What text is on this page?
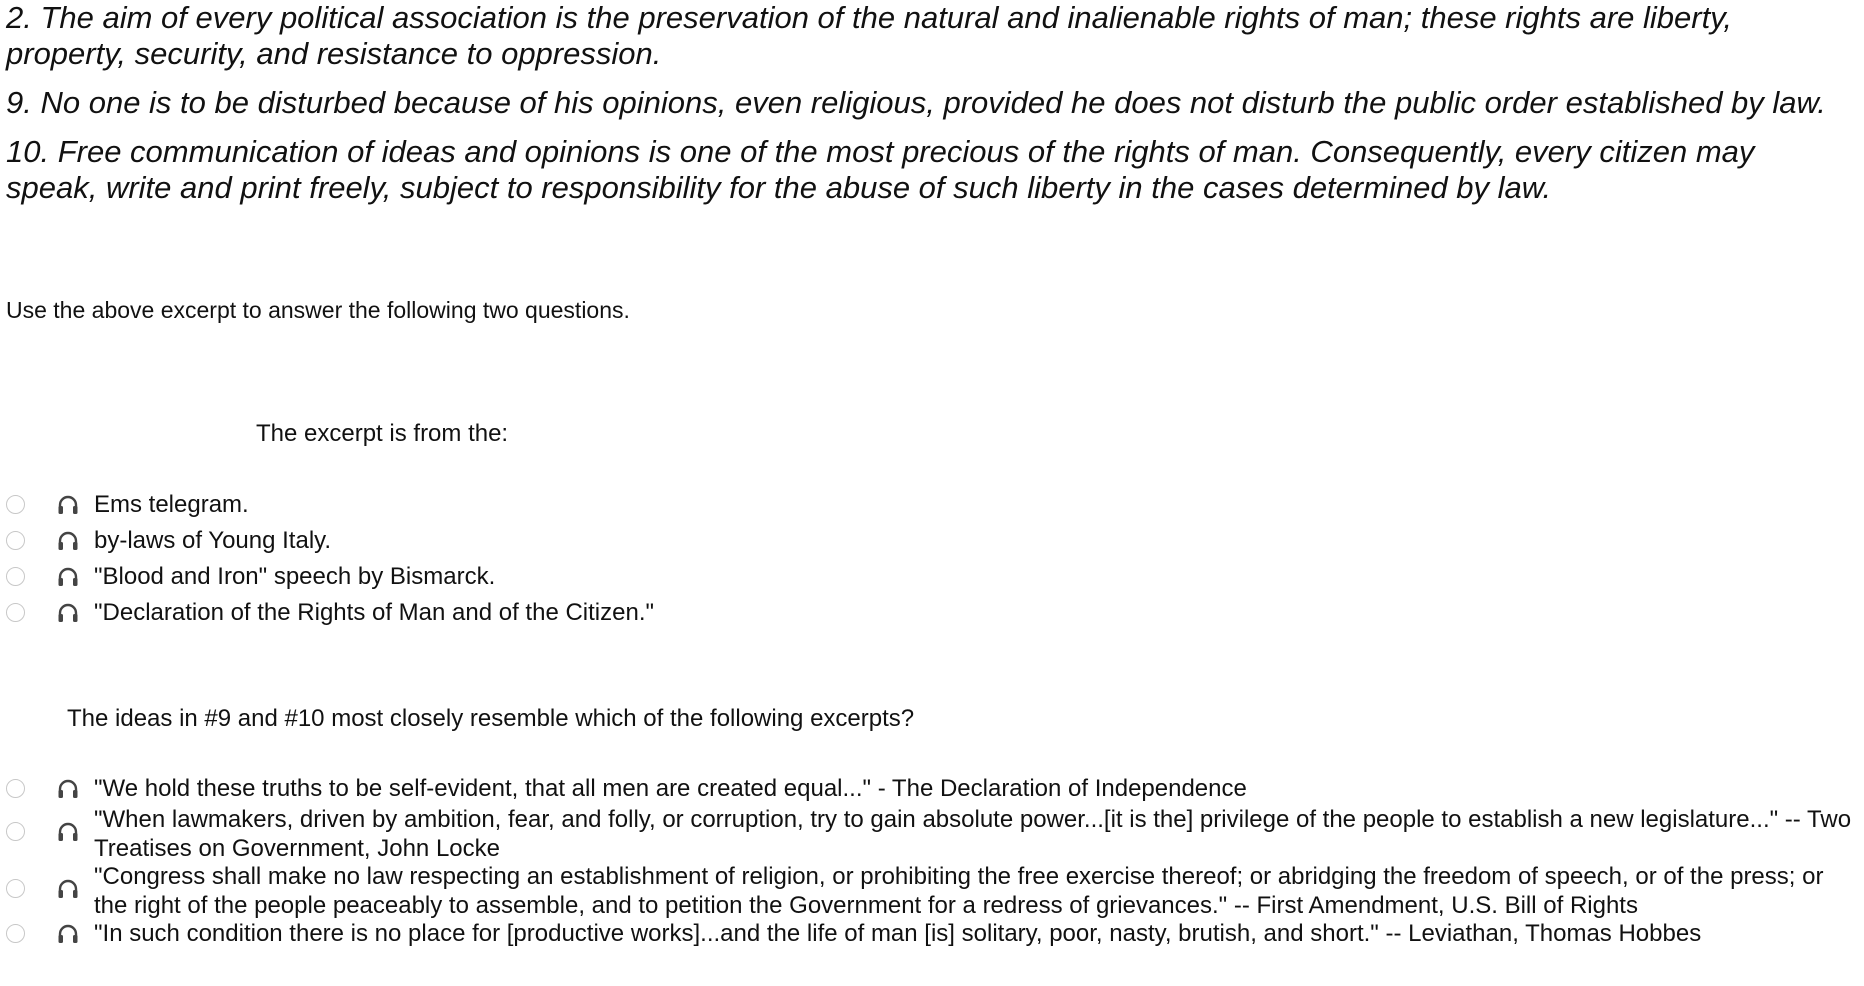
2. The aim of every political association is the preservation of the natural and inalienable rights of man; these rights are liberty, property, security, and resistance to oppression.

9. No one is to be disturbed because of his opinions, even religious, provided he does not disturb the public order established by law.

10. Free communication of ideas and opinions is one of the most precious of the rights of man. Consequently, every citizen may speak, write and print freely, subject to responsibility for the abuse of such liberty in the cases determined by law.

Use the above excerpt to answer the following two questions.
The excerpt is from the:
Ems telegram.
by-laws of Young Italy.
"Blood and Iron" speech by Bismarck.
"Declaration of the Rights of Man and of the Citizen."
The ideas in #9 and #10 most closely resemble which of the following excerpts?
"We hold these truths to be self-evident, that all men are created equal..." - The Declaration of Independence
"When lawmakers, driven by ambition, fear, and folly, or corruption, try to gain absolute power...[it is the] privilege of the people to establish a new legislature..." -- Two Treatises on Government, John Locke
"Congress shall make no law respecting an establishment of religion, or prohibiting the free exercise thereof; or abridging the freedom of speech, or of the press; or the right of the people peaceably to assemble, and to petition the Government for a redress of grievances." -- First Amendment, U.S. Bill of Rights
"In such condition there is no place for [productive works]...and the life of man [is] solitary, poor, nasty, brutish, and short." -- Leviathan, Thomas Hobbes
